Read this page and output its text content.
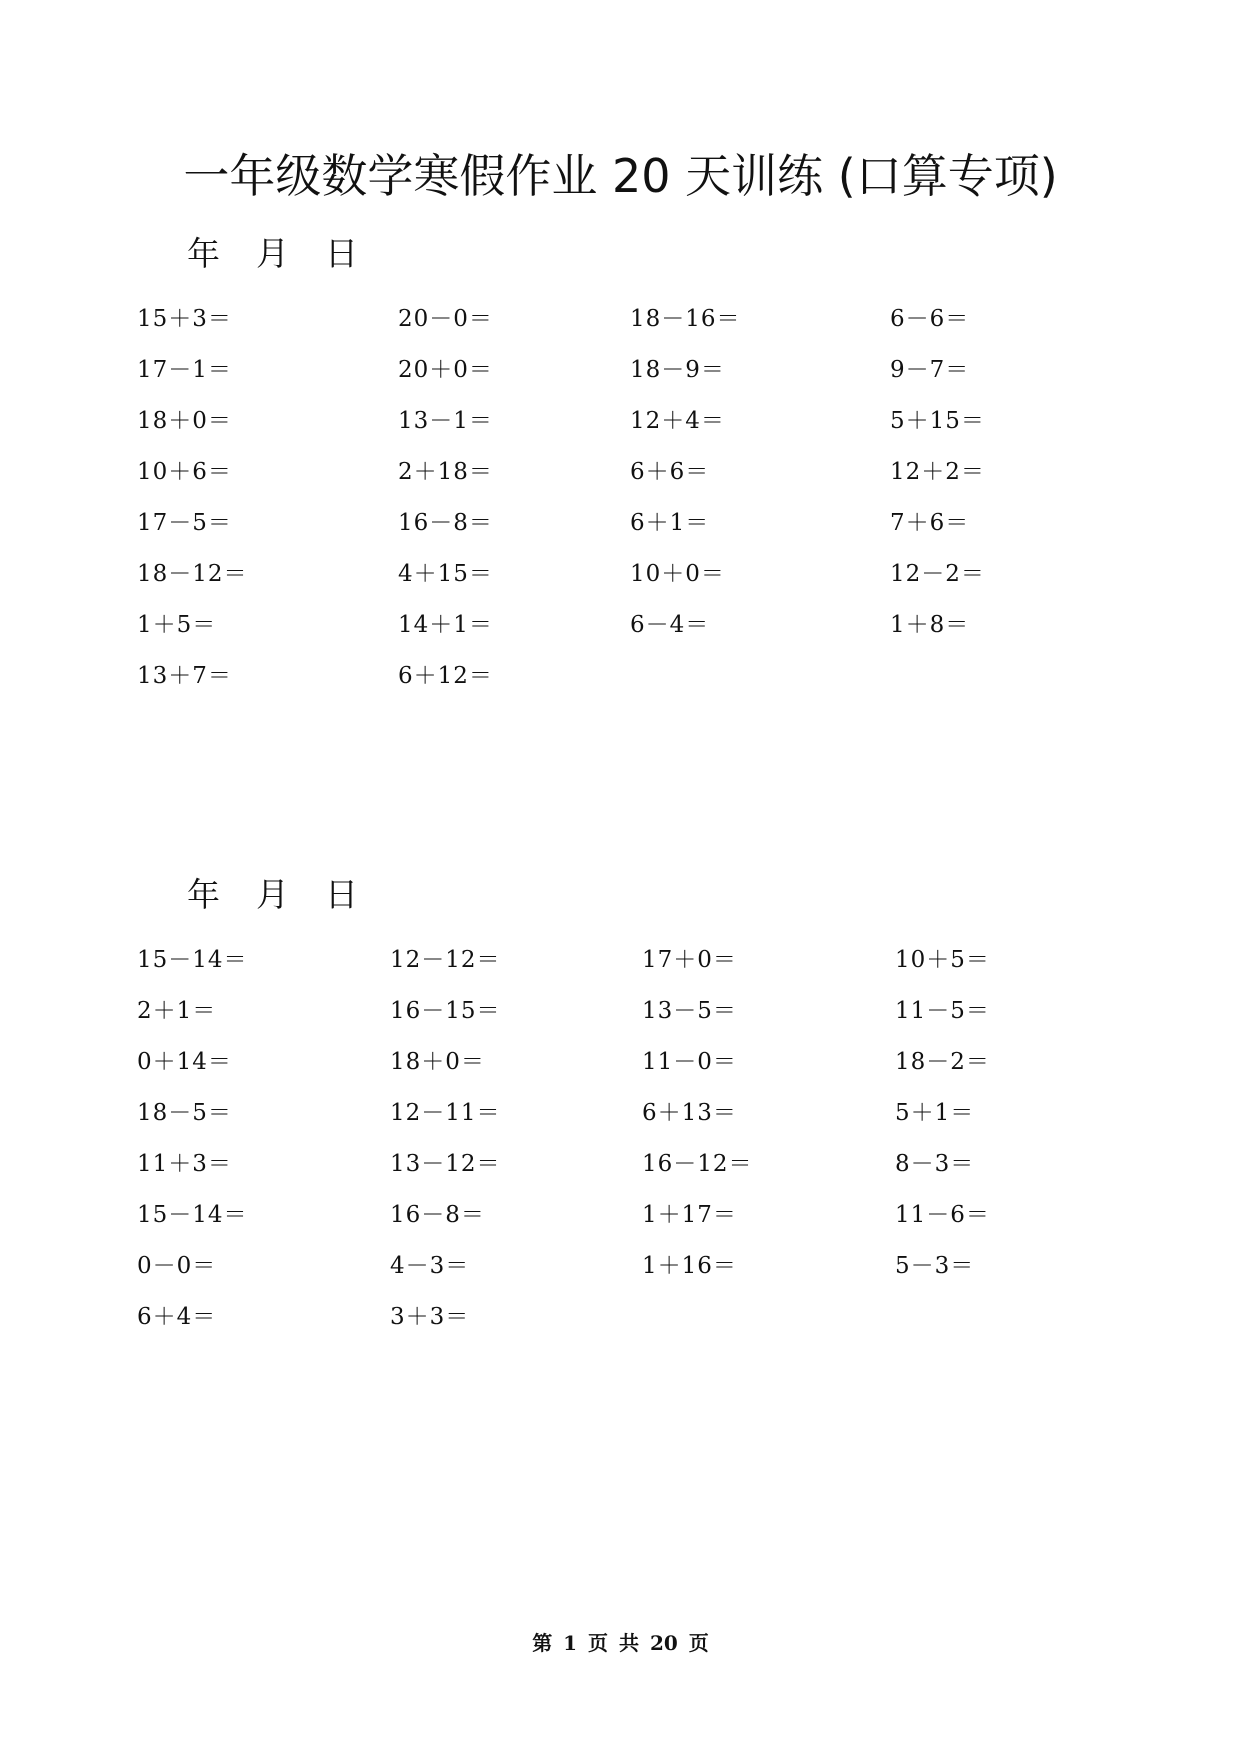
一年级数学寒假作业 20 天训练 (口算专项)
年 月 日
15＋3＝
17－1＝
18＋0＝
10＋6＝
17－5＝
18－12＝
1＋5＝
13＋7＝
20－0＝
20＋0＝
13－1＝
2＋18＝
16－8＝
4＋15＝
14＋1＝
6＋12＝
18－16＝
18－9＝
12＋4＝
6＋6＝
6＋1＝
10＋0＝
6－4＝
6－6＝
9－7＝
5＋15＝
12＋2＝
7＋6＝
12－2＝
1＋8＝
年 月 日
15－14＝
2＋1＝
0＋14＝
18－5＝
11＋3＝
15－14＝
0－0＝
6＋4＝
12－12＝
16－15＝
18＋0＝
12－11＝
13－12＝
16－8＝
4－3＝
3＋3＝
17＋0＝
13－5＝
11－0＝
6＋13＝
16－12＝
1＋17＝
1＋16＝
10＋5＝
11－5＝
18－2＝
5＋1＝
8－3＝
11－6＝
5－3＝
第 1 页 共 20 页
